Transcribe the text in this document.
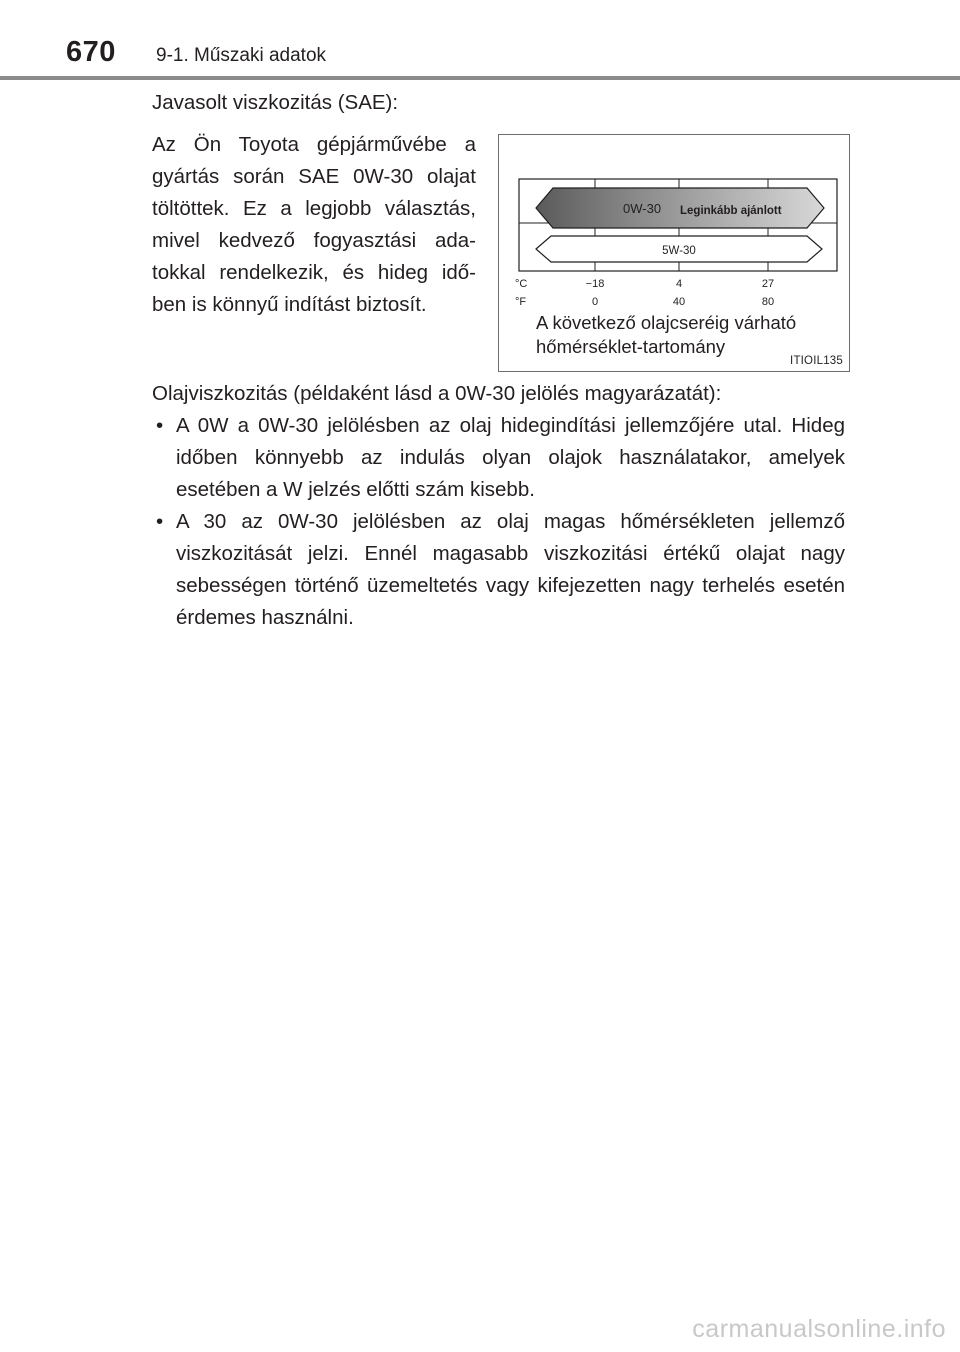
670 9-1. Műszaki adatok
Javasolt viszkozitás (SAE):
Az Ön Toyota gépjárművébe a gyártás során SAE 0W-30 olajat töltöttek. Ez a legjobb választás, mivel kedvező fogyasztási ada-tokkal rendelkezik, és hideg idő-ben is könnyű indítást biztosít.
0W-30 Leginkább ajánlott
5W-30
°C
°F
−18	4	27
0	40	80
A következő olajcseréig várható
hőmérséklet-tartomány
ITIOIL135
Olajviszkozitás (példaként lásd a 0W-30 jelölés magyarázatát):
• A 0W a 0W-30 jelölésben az olaj hidegindítási jellemzőjére utal. Hideg időben könnyebb az indulás olyan olajok használatakor, amelyek esetében a W jelzés előtti szám kisebb.
• A 30 az 0W-30 jelölésben az olaj magas hőmérsékleten jellemző viszkozitását jelzi. Ennél magasabb viszkozitási értékű olajat nagy sebességen történő üzemeltetés vagy kifejezetten nagy terhelés esetén érdemes használni.
carmanualsonline.info
